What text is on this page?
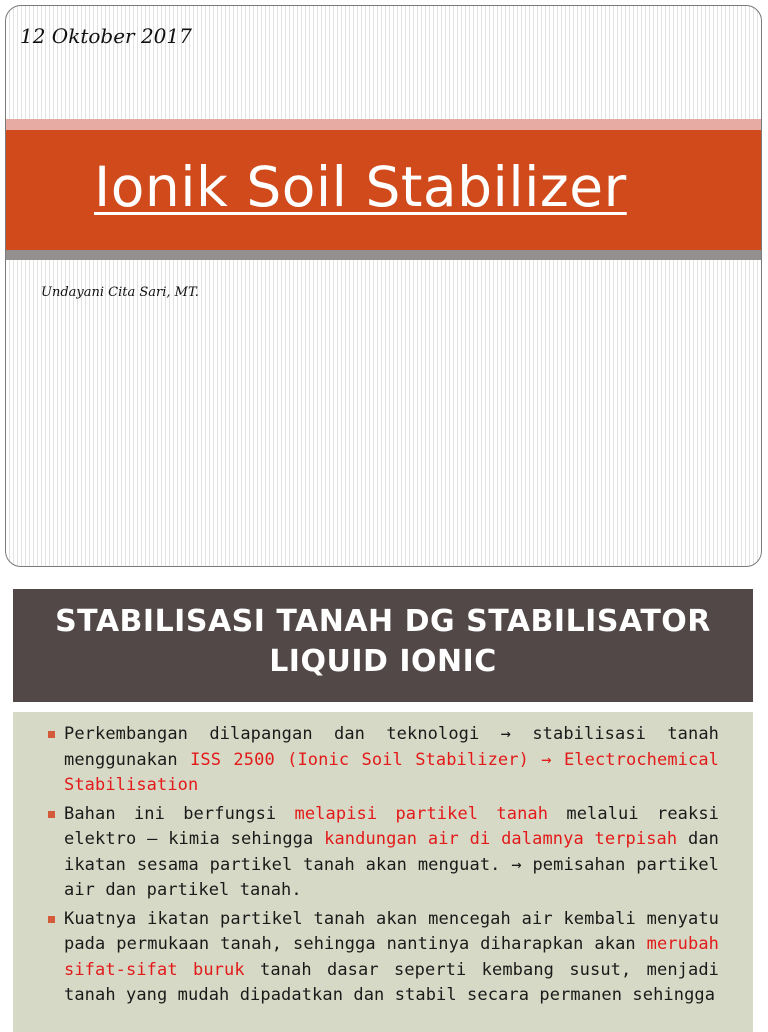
12 Oktober 2017
Ionik Soil Stabilizer
Undayani Cita Sari, MT.
STABILISASI TANAH DG STABILISATOR
LIQUID IONIC
Perkembangan dilapangan dan teknologi → stabilisasi tanah menggunakan ISS 2500 (Ionic Soil Stabilizer) → Electrochemical Stabilisation
Bahan ini berfungsi melapisi partikel tanah melalui reaksi elektro – kimia sehingga kandungan air di dalamnya terpisah dan ikatan sesama partikel tanah akan menguat. → pemisahan partikel air dan partikel tanah.
Kuatnya ikatan partikel tanah akan mencegah air kembali menyatu pada permukaan tanah, sehingga nantinya diharapkan akan merubah sifat-sifat buruk tanah dasar seperti kembang susut, menjadi tanah yang mudah dipadatkan dan stabil secara permanen sehingga
